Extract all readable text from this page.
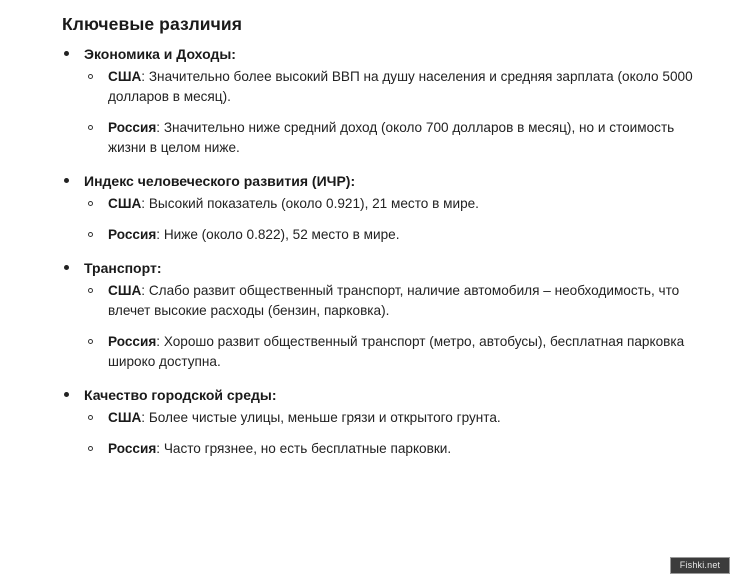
Ключевые различия
Экономика и Доходы:
США: Значительно более высокий ВВП на душу населения и средняя зарплата (около 5000 долларов в месяц).
Россия: Значительно ниже средний доход (около 700 долларов в месяц), но и стоимость жизни в целом ниже.
Индекс человеческого развития (ИЧР):
США: Высокий показатель (около 0.921), 21 место в мире.
Россия: Ниже (около 0.822), 52 место в мире.
Транспорт:
США: Слабо развит общественный транспорт, наличие автомобиля – необходимость, что влечет высокие расходы (бензин, парковка).
Россия: Хорошо развит общественный транспорт (метро, автобусы), бесплатная парковка широко доступна.
Качество городской среды:
США: Более чистые улицы, меньше грязи и открытого грунта.
Россия: Часто грязнее, но есть бесплатные парковки.
Fishki.net
